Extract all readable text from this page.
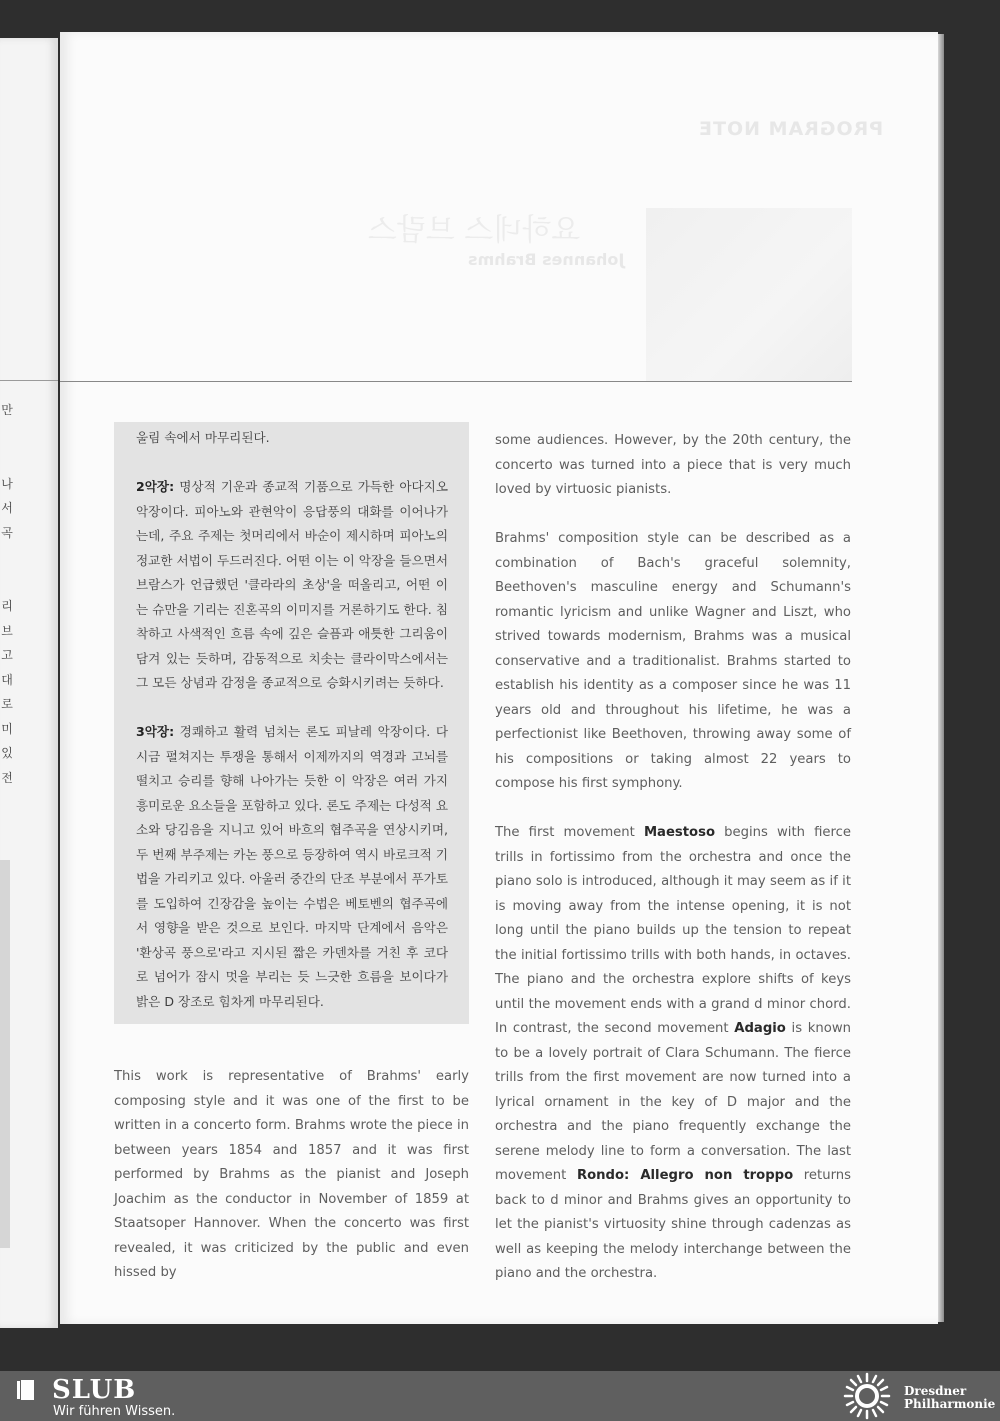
만
나
서
곡
리
브
고
대
로
미
있
전
PROGRAM NOTE
요하네스 브람스
Johannes Brahms

울림 속에서 마무리된다.

2악장: 명상적 기운과 종교적 기품으로 가득한 아다지오 악장이다. 피아노와 관현악이 응답풍의 대화를 이어나가는데, 주요 주제는 첫머리에서 바순이 제시하며 피아노의 정교한 서법이 두드러진다. 어떤 이는 이 악장을 들으면서 브람스가 언급했던 '클라라의 초상'을 떠올리고, 어떤 이는 슈만을 기리는 진혼곡의 이미지를 거론하기도 한다. 침착하고 사색적인 흐름 속에 깊은 슬픔과 애틋한 그리움이 담겨 있는 듯하며, 감동적으로 치솟는 클라이막스에서는 그 모든 상념과 감정을 종교적으로 승화시키려는 듯하다.

3악장: 경쾌하고 활력 넘치는 론도 피날레 악장이다. 다시금 펼쳐지는 투쟁을 통해서 이제까지의 역경과 고뇌를 떨치고 승리를 향해 나아가는 듯한 이 악장은 여러 가지 흥미로운 요소들을 포함하고 있다. 론도 주제는 다성적 요소와 당김음을 지니고 있어 바흐의 협주곡을 연상시키며, 두 번째 부주제는 카논 풍으로 등장하여 역시 바로크적 기법을 가리키고 있다. 아울러 중간의 단조 부분에서 푸가토를 도입하여 긴장감을 높이는 수법은 베토벤의 협주곡에서 영향을 받은 것으로 보인다. 마지막 단계에서 음악은 '환상곡 풍으로'라고 지시된 짧은 카덴차를 거친 후 코다로 넘어가 잠시 멋을 부리는 듯 느긋한 흐름을 보이다가 밝은 D 장조로 힘차게 마무리된다.

This work is representative of Brahms' early composing style and it was one of the first to be written in a concerto form. Brahms wrote the piece in between years 1854 and 1857 and it was first performed by Brahms as the pianist and Joseph Joachim as the conductor in November of 1859 at Staatsoper Hannover. When the concerto was first revealed, it was criticized by the public and even hissed by

some audiences. However, by the 20th century, the concerto was turned into a piece that is very much loved by virtuosic pianists.

Brahms' composition style can be described as a combination of Bach's graceful solemnity, Beethoven's masculine energy and Schumann's romantic lyricism and unlike Wagner and Liszt, who strived towards modernism, Brahms was a musical conservative and a traditionalist. Brahms started to establish his identity as a composer since he was 11 years old and throughout his lifetime, he was a perfectionist like Beethoven, throwing away some of his compositions or taking almost 22 years to compose his first symphony.

The first movement Maestoso begins with fierce trills in fortissimo from the orchestra and once the piano solo is introduced, although it may seem as if it is moving away from the intense opening, it is not long until the piano builds up the tension to repeat the initial fortissimo trills with both hands, in octaves. The piano and the orchestra explore shifts of keys until the movement ends with a grand d minor chord. In contrast, the second movement Adagio is known to be a lovely portrait of Clara Schumann. The fierce trills from the first movement are now turned into a lyrical ornament in the key of D major and the orchestra and the piano frequently exchange the serene melody line to form a conversation. The last movement Rondo: Allegro non troppo returns back to d minor and Brahms gives an opportunity to let the pianist's virtuosity shine through cadenzas as well as keeping the melody interchange between the piano and the orchestra.

SLUB
Wir führen Wissen.
Dresdner
Philharmonie
